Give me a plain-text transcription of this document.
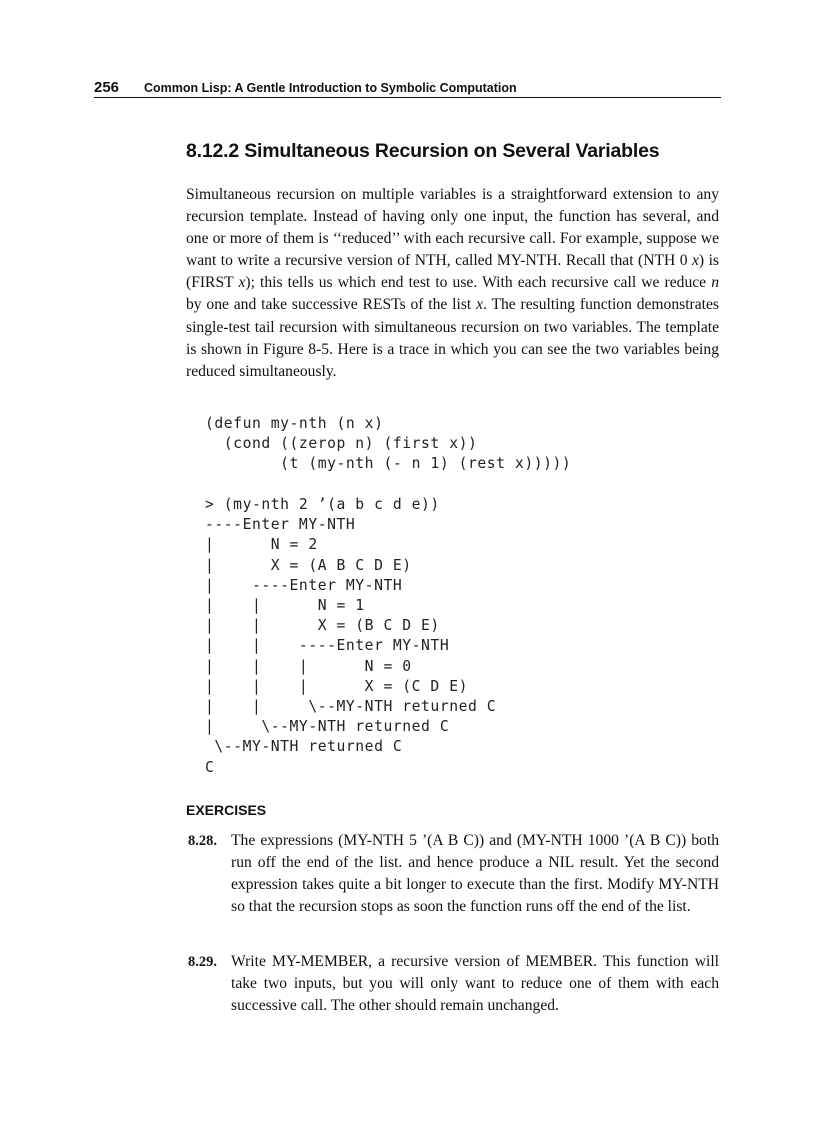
256 Common Lisp: A Gentle Introduction to Symbolic Computation
8.12.2 Simultaneous Recursion on Several Variables

Simultaneous recursion on multiple variables is a straightforward extension to any recursion template. Instead of having only one input, the function has several, and one or more of them is ‘‘reduced’’ with each recursive call. For example, suppose we want to write a recursive version of NTH, called MY-NTH. Recall that (NTH 0 x) is (FIRST x); this tells us which end test to use. With each recursive call we reduce n by one and take successive RESTs of the list x. The resulting function demonstrates single-test tail recursion with simultaneous recursion on two variables. The template is shown in Figure 8-5. Here is a trace in which you can see the two variables being reduced simultaneously.

(defun my-nth (n x)
(cond ((zerop n) (first x))
(t (my-nth (- n 1) (rest x)))))
> (my-nth 2 ’(a b c d e))
----Enter MY-NTH
|      N = 2
|      X = (A B C D E)
|    ----Enter MY-NTH
|    |      N = 1
|    |      X = (B C D E)
|    |    ----Enter MY-NTH
|    |    |      N = 0
|    |    |      X = (C D E)
|    |     \--MY-NTH returned C
|     \--MY-NTH returned C
\--MY-NTH returned C
C
EXERCISES
8.28. The expressions (MY-NTH 5 ’(A B C)) and (MY-NTH 1000 ’(A B C)) both run off the end of the list. and hence produce a NIL result. Yet the second expression takes quite a bit longer to execute than the first. Modify MY-NTH so that the recursion stops as soon the function runs off the end of the list.

8.29. Write MY-MEMBER, a recursive version of MEMBER. This function will take two inputs, but you will only want to reduce one of them with each successive call. The other should remain unchanged.
